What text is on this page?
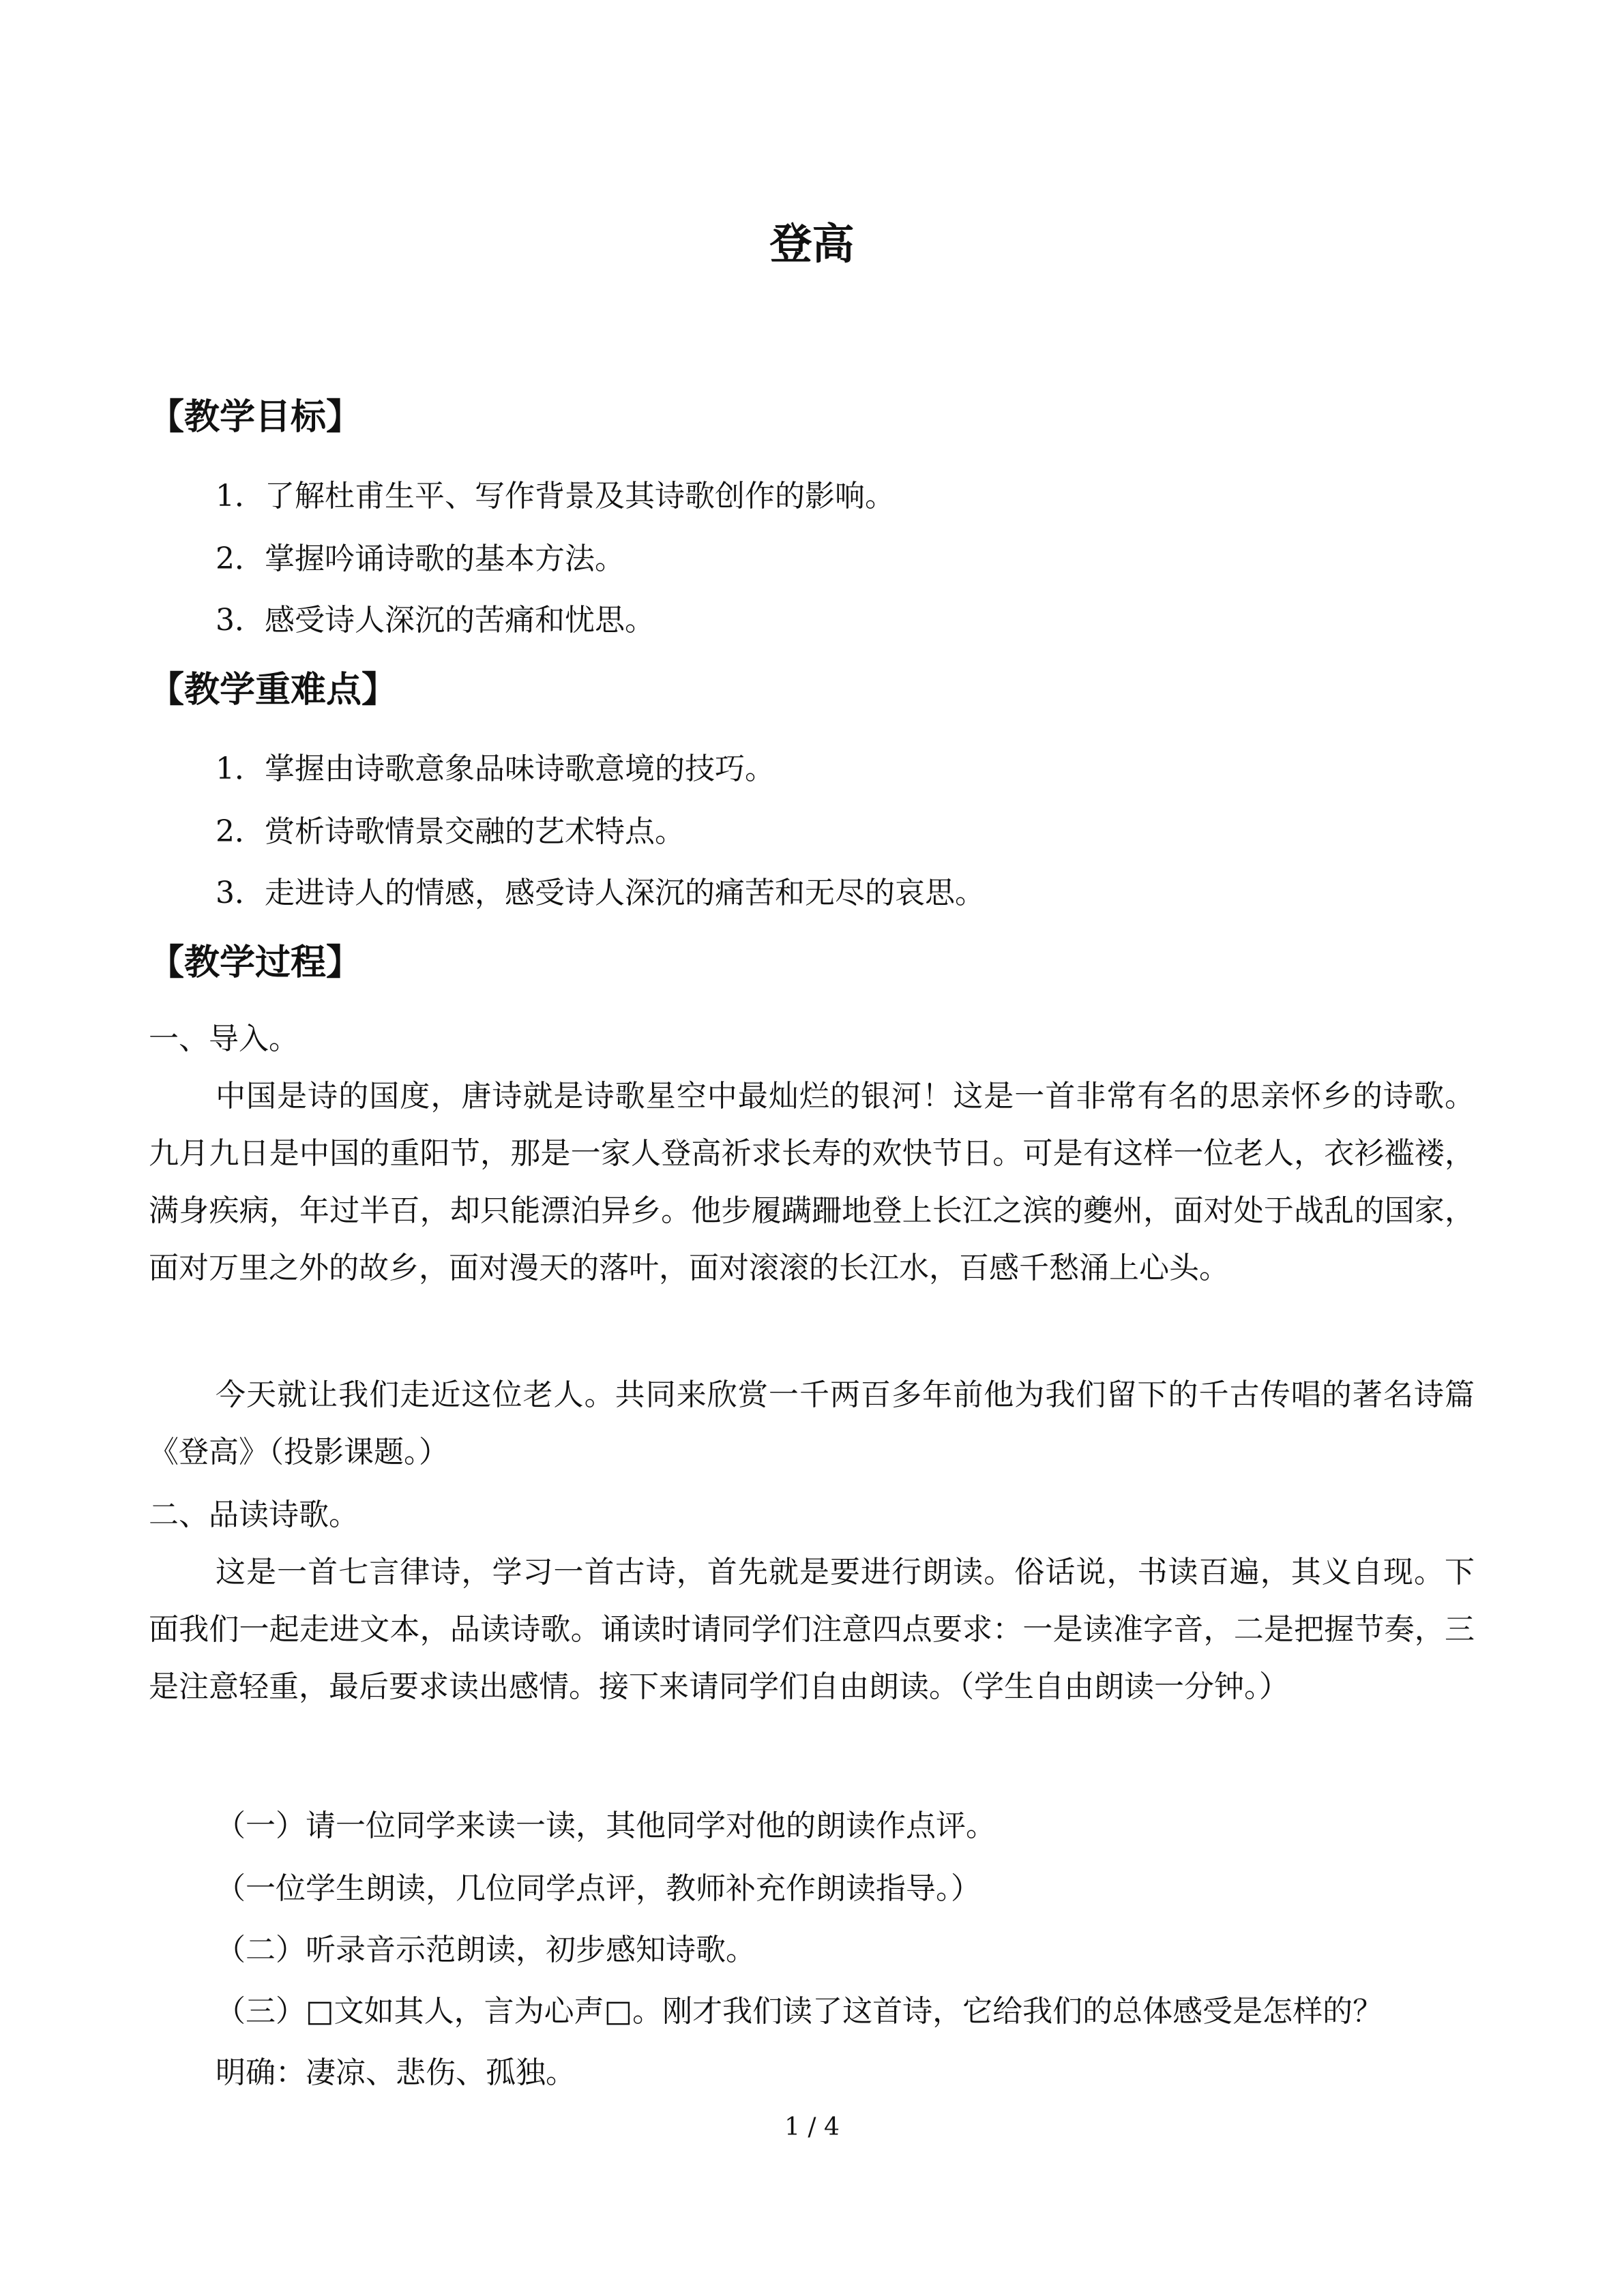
登高
【教学目标】
1．了解杜甫生平、写作背景及其诗歌创作的影响。
2．掌握吟诵诗歌的基本方法。
3．感受诗人深沉的苦痛和忧思。
【教学重难点】
1．掌握由诗歌意象品味诗歌意境的技巧。
2．赏析诗歌情景交融的艺术特点。
3．走进诗人的情感，感受诗人深沉的痛苦和无尽的哀思。
【教学过程】
一、导入。
中国是诗的国度，唐诗就是诗歌星空中最灿烂的银河！这是一首非常有名的思亲怀乡的诗歌。九月九日是中国的重阳节，那是一家人登高祈求长寿的欢快节日。可是有这样一位老人，衣衫褴褛，满身疾病，年过半百，却只能漂泊异乡。他步履蹒跚地登上长江之滨的夔州，面对处于战乱的国家，面对万里之外的故乡，面对漫天的落叶，面对滚滚的长江水，百感千愁涌上心头。
今天就让我们走近这位老人。共同来欣赏一千两百多年前他为我们留下的千古传唱的著名诗篇《登高》（投影课题。）
二、品读诗歌。
这是一首七言律诗，学习一首古诗，首先就是要进行朗读。俗话说，书读百遍，其义自现。下面我们一起走进文本，品读诗歌。诵读时请同学们注意四点要求：一是读准字音，二是把握节奏，三是注意轻重，最后要求读出感情。接下来请同学们自由朗读。（学生自由朗读一分钟。）
（一）请一位同学来读一读，其他同学对他的朗读作点评。
（一位学生朗读，几位同学点评，教师补充作朗读指导。）
（二）听录音示范朗读，初步感知诗歌。
（三）□文如其人，言为心声□。刚才我们读了这首诗，它给我们的总体感受是怎样的？
明确：凄凉、悲伤、孤独。
1 / 4
